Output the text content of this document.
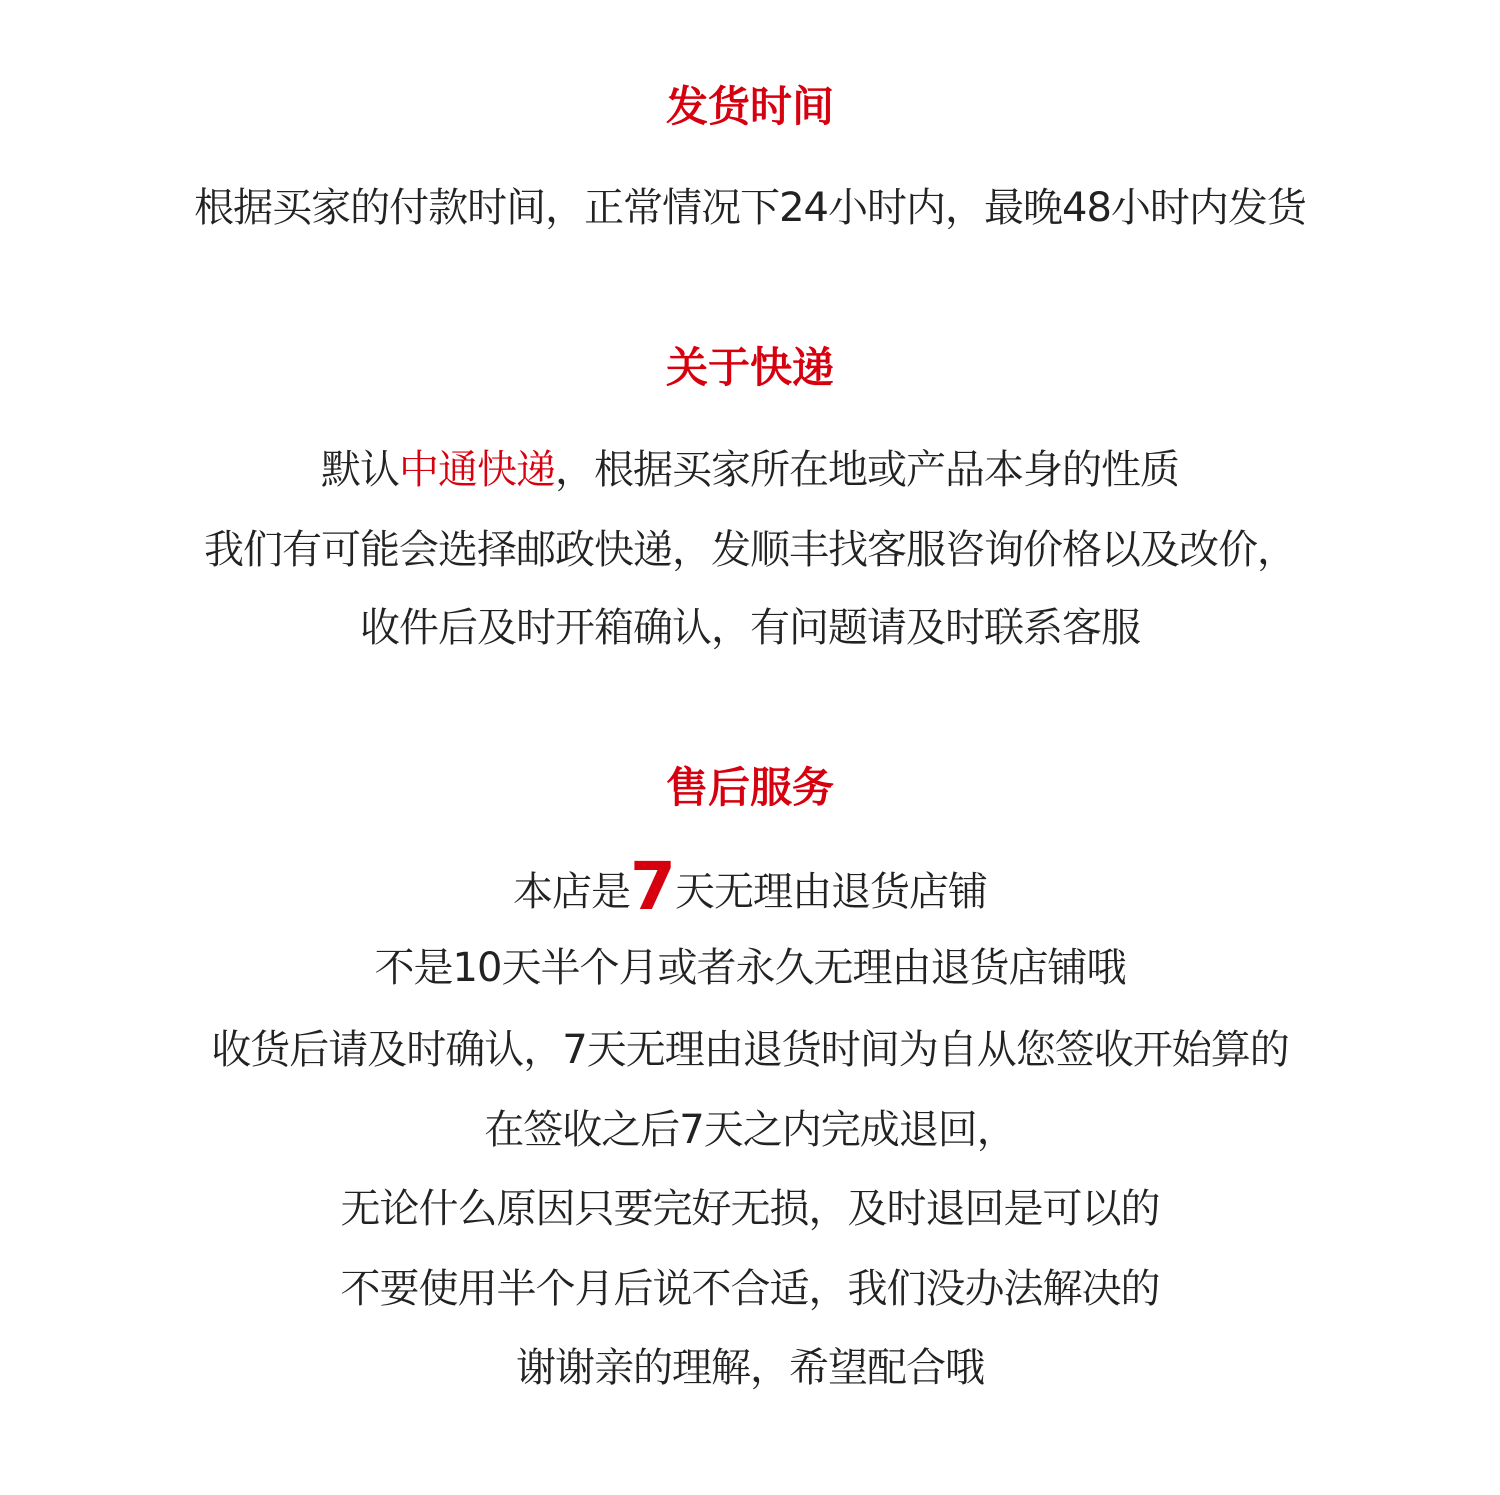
发货时间
根据买家的付款时间，正常情况下24小时内，最晚48小时内发货
关于快递
默认中通快递，根据买家所在地或产品本身的性质
我们有可能会选择邮政快递，发顺丰找客服咨询价格以及改价，
收件后及时开箱确认，有问题请及时联系客服
售后服务
本店是7天无理由退货店铺
不是10天半个月或者永久无理由退货店铺哦
收货后请及时确认，7天无理由退货时间为自从您签收开始算的
在签收之后7天之内完成退回，
无论什么原因只要完好无损，及时退回是可以的
不要使用半个月后说不合适，我们没办法解决的
谢谢亲的理解，希望配合哦
